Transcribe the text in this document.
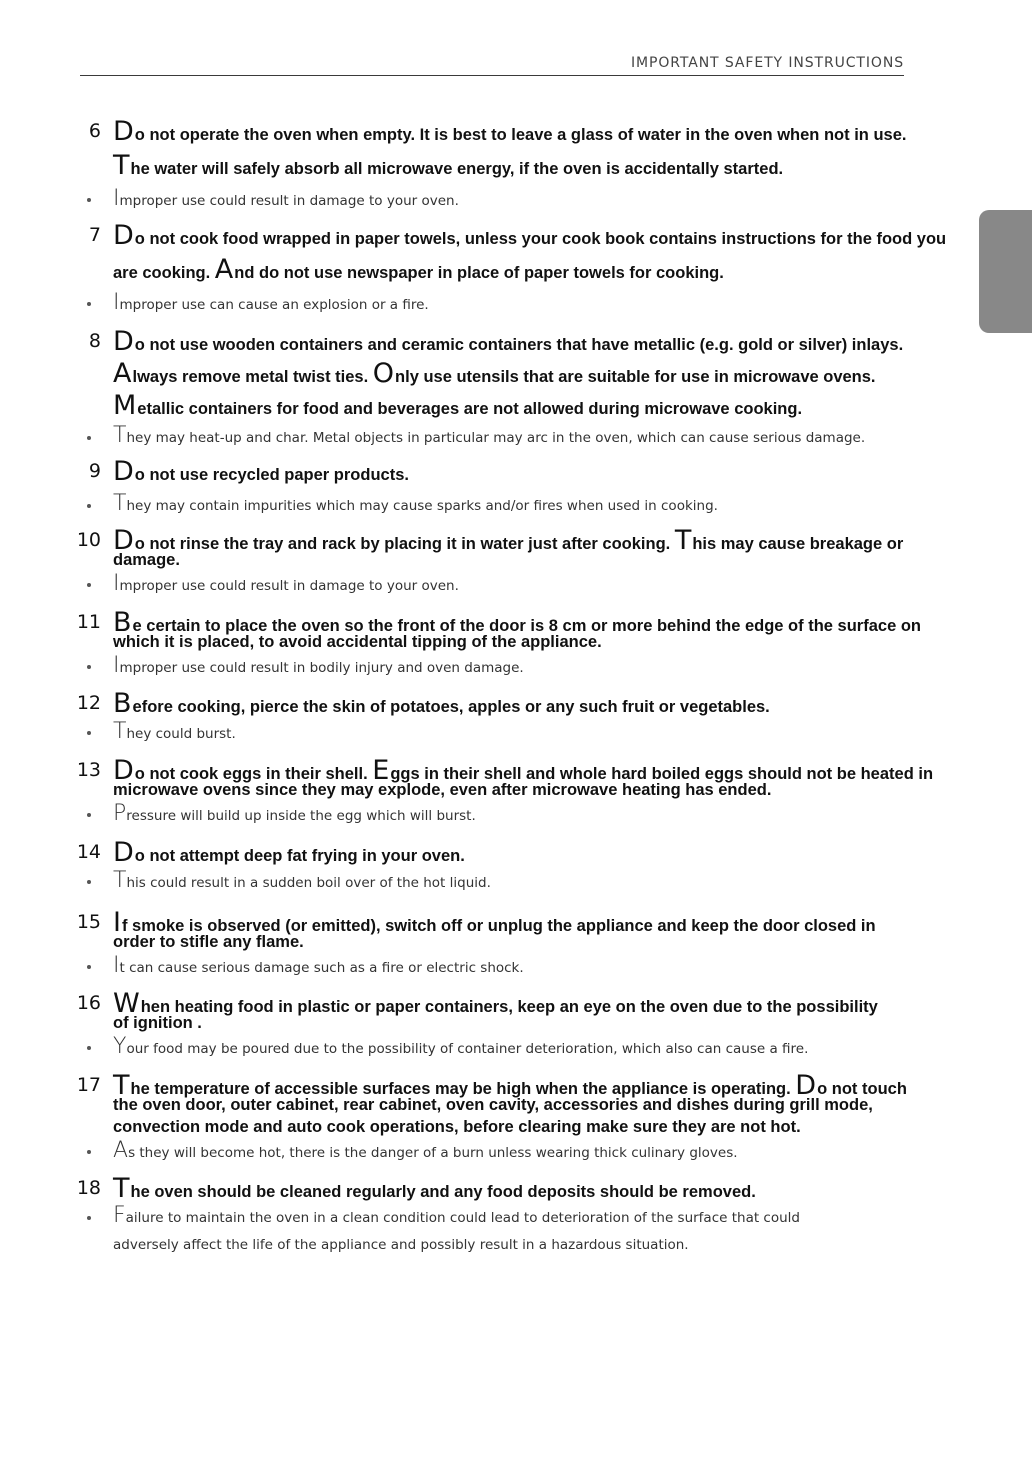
IMPORTANT SAFETY INSTRUCTIONS
6 Do not operate the oven when empty. It is best to leave a glass of water in the oven when not in use.
The water will safely absorb all microwave energy, if the oven is accidentally started.
Improper use could result in damage to your oven.
7 Do not cook food wrapped in paper towels, unless your cook book contains instructions for the food you
are cooking. And do not use newspaper in place of paper towels for cooking.
Improper use can cause an explosion or a fire.
8 Do not use wooden containers and ceramic containers that have metallic (e.g. gold or silver) inlays.
Always remove metal twist ties. Only use utensils that are suitable for use in microwave ovens.
Metallic containers for food and beverages are not allowed during microwave cooking.
They may heat-up and char. Metal objects in particular may arc in the oven, which can cause serious damage.
9 Do not use recycled paper products.
They may contain impurities which may cause sparks and/or fires when used in cooking.
10 Do not rinse the tray and rack by placing it in water just after cooking. This may cause breakage or
damage.
Improper use could result in damage to your oven.
11 Be certain to place the oven so the front of the door is 8 cm or more behind the edge of the surface on
which it is placed, to avoid accidental tipping of the appliance.
Improper use could result in bodily injury and oven damage.
12 Before cooking, pierce the skin of potatoes, apples or any such fruit or vegetables.
They could burst.
13 Do not cook eggs in their shell. Eggs in their shell and whole hard boiled eggs should not be heated in
microwave ovens since they may explode, even after microwave heating has ended.
Pressure will build up inside the egg which will burst.
14 Do not attempt deep fat frying in your oven.
This could result in a sudden boil over of the hot liquid.
15 If smoke is observed (or emitted), switch off or unplug the appliance and keep the door closed in
order to stifle any flame.
It can cause serious damage such as a fire or electric shock.
16 When heating food in plastic or paper containers, keep an eye on the oven due to the possibility
of ignition .
Your food may be poured due to the possibility of container deterioration, which also can cause a fire.
17 The temperature of accessible surfaces may be high when the appliance is operating. Do not touch
the oven door, outer cabinet, rear cabinet, oven cavity, accessories and dishes during grill mode,
convection mode and auto cook operations, before clearing make sure they are not hot.
As they will become hot, there is the danger of a burn unless wearing thick culinary gloves.
18 The oven should be cleaned regularly and any food deposits should be removed.
Failure to maintain the oven in a clean condition could lead to deterioration of the surface that could
adversely affect the life of the appliance and possibly result in a hazardous situation.
